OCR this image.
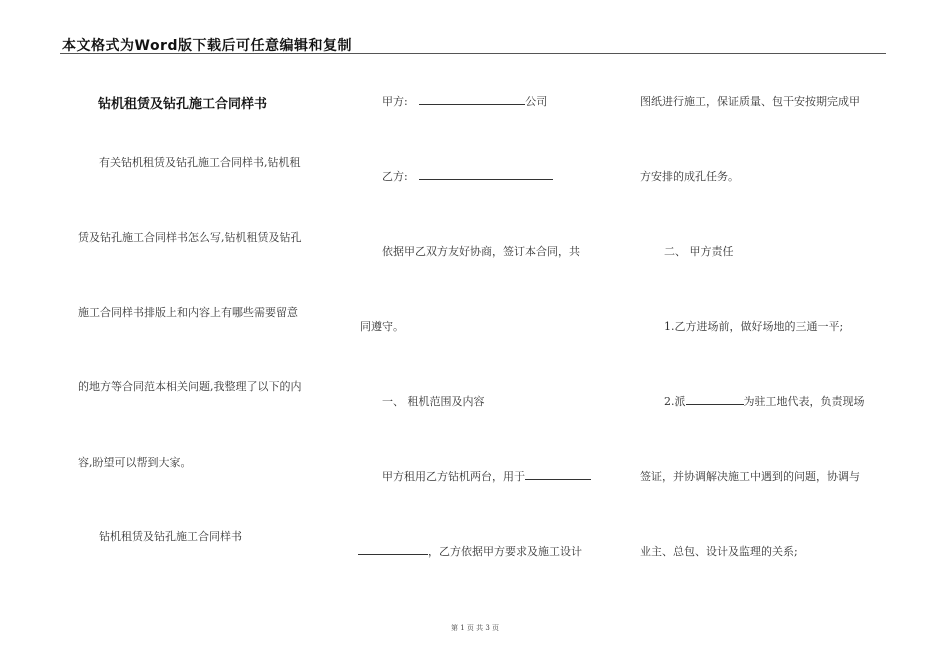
本文格式为Word版下载后可任意编辑和复制
钻机租赁及钻孔施工合同样书
有关钻机租赁及钻孔施工合同样书,钻机租
赁及钻孔施工合同样书怎么写,钻机租赁及钻孔
施工合同样书排版上和内容上有哪些需要留意
的地方等合同范本相关问题,我整理了以下的内
容,盼望可以帮到大家。
钻机租赁及钻孔施工合同样书
甲方:	公司
乙方:
依据甲乙双方友好协商，签订本合同，共
同遵守。
一、 租机范围及内容
甲方租用乙方钻机两台，用于
，乙方依据甲方要求及施工设计
图纸进行施工，保证质量、包干安按期完成甲
方安排的成孔任务。
二、 甲方责任
1.乙方进场前，做好场地的三通一平;
2.派	为驻工地代表，负责现场
签证，并协调解决施工中遇到的问题，协调与
业主、总包、设计及监理的关系;
第 1 页 共 3 页
